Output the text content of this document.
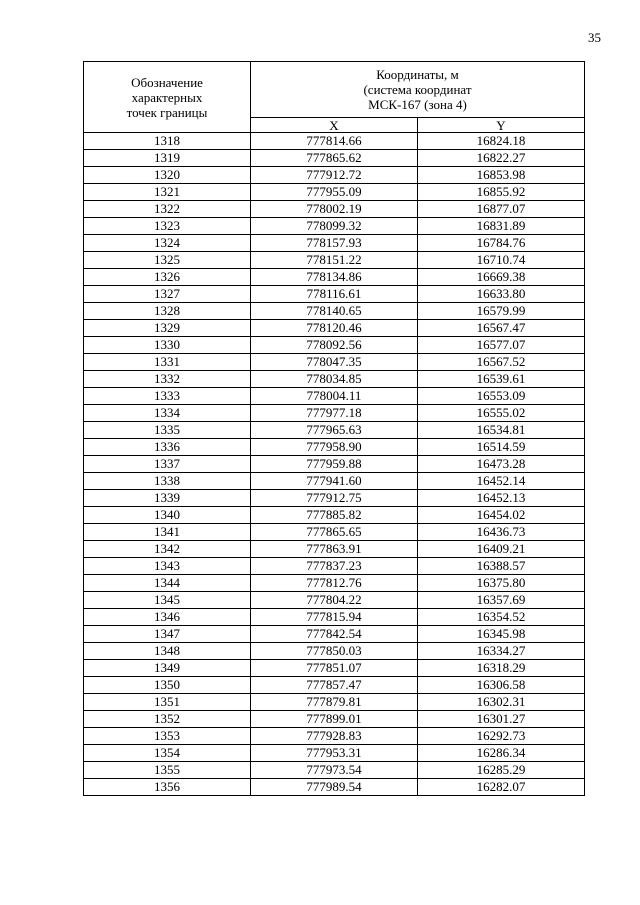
35
Обозначение
характерных
точек границы	Координаты, м
(система координат
МСК-167 (зона 4)	

	X	Y
1318	777814.66	16824.18
1319	777865.62	16822.27
1320	777912.72	16853.98
1321	777955.09	16855.92
1322	778002.19	16877.07
1323	778099.32	16831.89
1324	778157.93	16784.76
1325	778151.22	16710.74
1326	778134.86	16669.38
1327	778116.61	16633.80
1328	778140.65	16579.99
1329	778120.46	16567.47
1330	778092.56	16577.07
1331	778047.35	16567.52
1332	778034.85	16539.61
1333	778004.11	16553.09
1334	777977.18	16555.02
1335	777965.63	16534.81
1336	777958.90	16514.59
1337	777959.88	16473.28
1338	777941.60	16452.14
1339	777912.75	16452.13
1340	777885.82	16454.02
1341	777865.65	16436.73
1342	777863.91	16409.21
1343	777837.23	16388.57
1344	777812.76	16375.80
1345	777804.22	16357.69
1346	777815.94	16354.52
1347	777842.54	16345.98
1348	777850.03	16334.27
1349	777851.07	16318.29
1350	777857.47	16306.58
1351	777879.81	16302.31
1352	777899.01	16301.27
1353	777928.83	16292.73
1354	777953.31	16286.34
1355	777973.54	16285.29
1356	777989.54	16282.07
